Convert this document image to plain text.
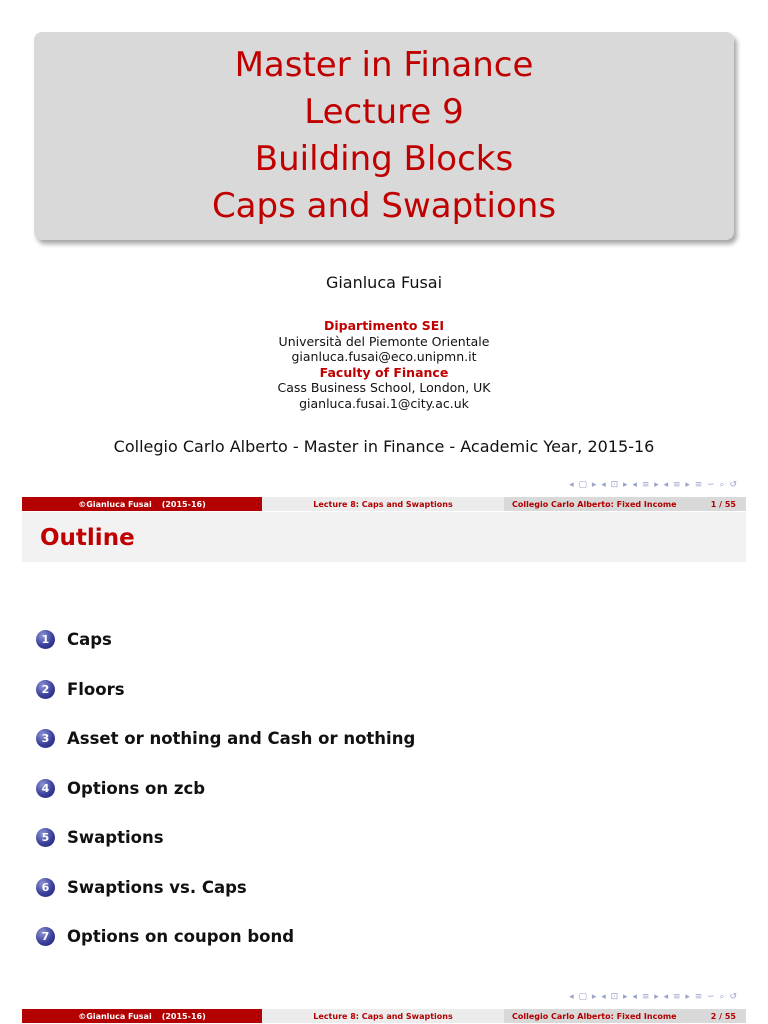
Master in Finance
Lecture 9
Building Blocks
Caps and Swaptions
Gianluca Fusai
Dipartimento SEI
Università del Piemonte Orientale
gianluca.fusai@eco.unipmn.it
Faculty of Finance
Cass Business School, London, UK
gianluca.fusai.1@city.ac.uk
Collegio Carlo Alberto - Master in Finance - Academic Year, 2015-16
◂ ▢ ▸ ◂ ⊡ ▸ ◂ ≡ ▸ ◂ ≡ ▸ ≡ ∽ ⌕ ↺
©Gianluca Fusai (2015-16)	Lecture 8: Caps and Swaptions	Collegio Carlo Alberto: Fixed Income	1 / 55
Outline
1	Caps
2	Floors
3	Asset or nothing and Cash or nothing
4	Options on zcb
5	Swaptions
6	Swaptions vs. Caps
7	Options on coupon bond
◂ ▢ ▸ ◂ ⊡ ▸ ◂ ≡ ▸ ◂ ≡ ▸ ≡ ∽ ⌕ ↺
©Gianluca Fusai (2015-16)	Lecture 8: Caps and Swaptions	Collegio Carlo Alberto: Fixed Income	2 / 55
